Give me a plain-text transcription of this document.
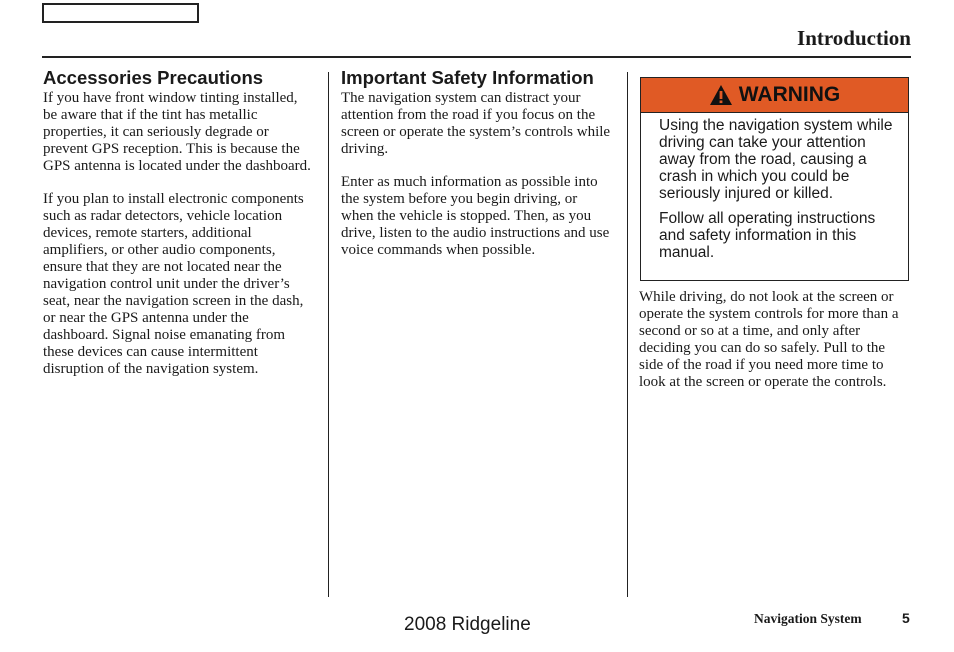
Introduction
Accessories Precautions

If you have front window tinting installed, be aware that if the tint has metallic properties, it can seriously degrade or prevent GPS reception. This is because the GPS antenna is located under the dashboard.

If you plan to install electronic components such as radar detectors, vehicle location devices, remote starters, additional amplifiers, or other audio components, ensure that they are not located near the navigation control unit under the driver’s seat, near the navigation screen in the dash, or near the GPS antenna under the dashboard. Signal noise emanating from these devices can cause intermittent disruption of the navigation system.

Important Safety Information

The navigation system can distract your attention from the road if you focus on the screen or operate the system’s controls while driving.

Enter as much information as possible into the system before you begin driving, or when the vehicle is stopped. Then, as you drive, listen to the audio instructions and use voice commands when possible.

WARNING

Using the navigation system while driving can take your attention away from the road, causing a crash in which you could be seriously injured or killed.

Follow all operating instructions and safety information in this manual.

While driving, do not look at the screen or operate the system controls for more than a second or so at a time, and only after deciding you can do so safely. Pull to the side of the road if you need more time to look at the screen or operate the controls.

2008 Ridgeline	Navigation System	5
